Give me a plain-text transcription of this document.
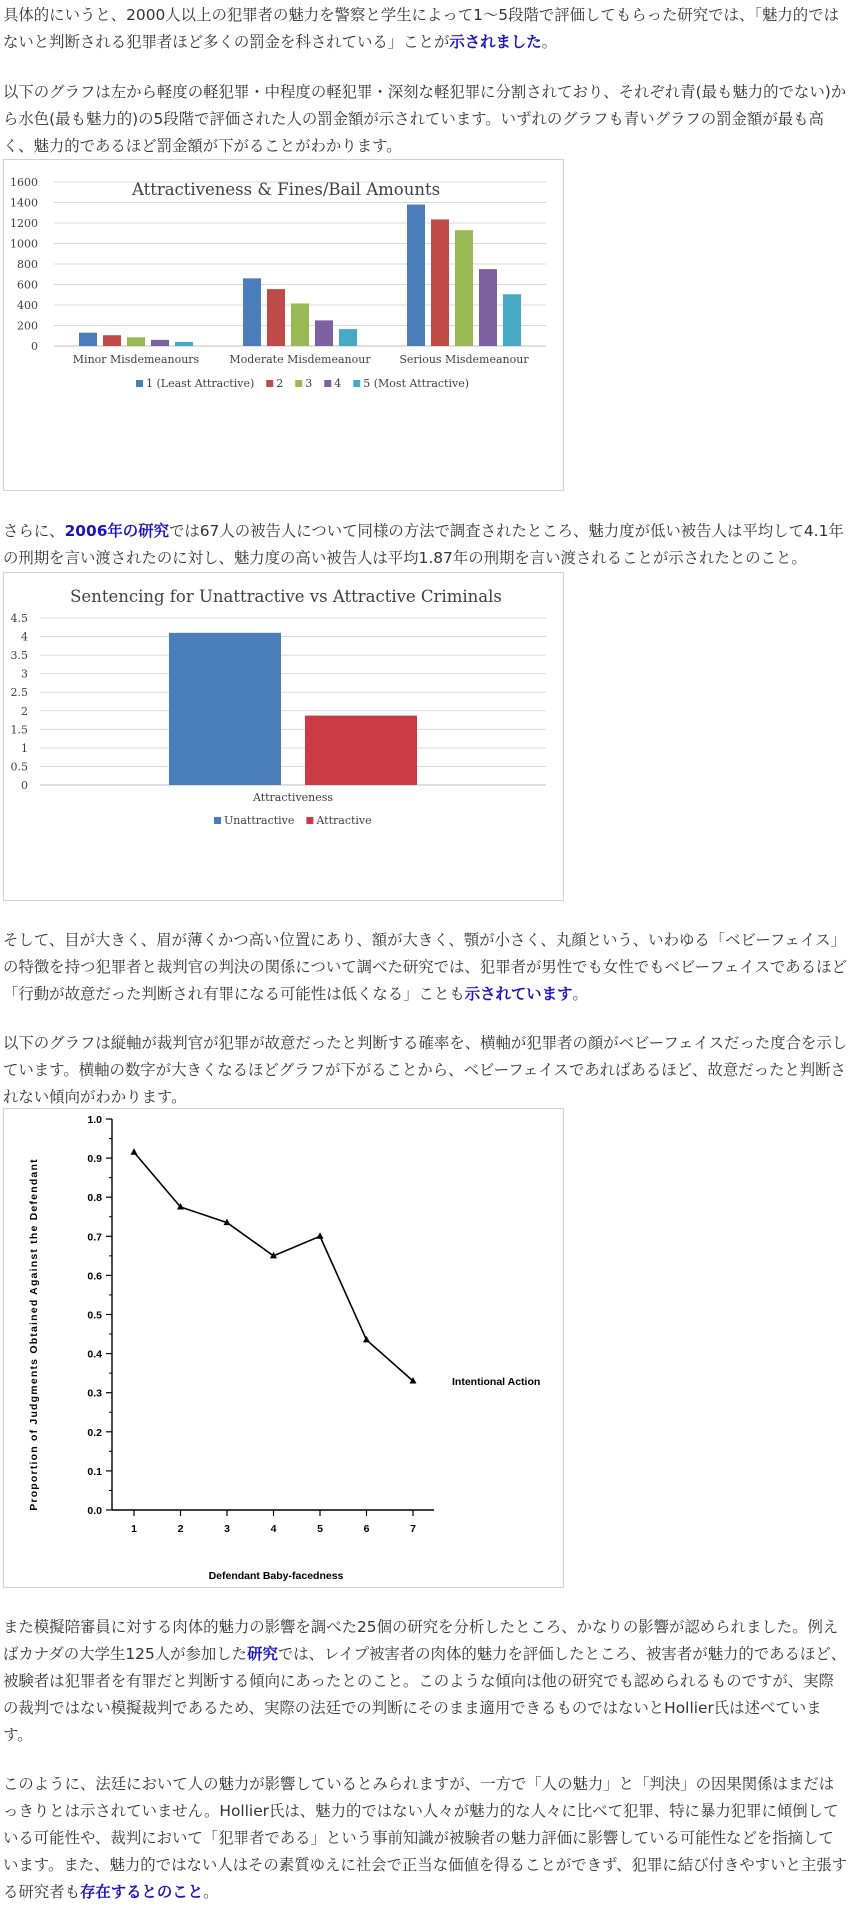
具体的にいうと、2000人以上の犯罪者の魅力を警察と学生によって1〜5段階で評価してもらった研究では、「魅力的ではないと判断される犯罪者ほど多くの罰金を科されている」ことが示されました。

以下のグラフは左から軽度の軽犯罪・中程度の軽犯罪・深刻な軽犯罪に分割されており、それぞれ青(最も魅力的でない)から水色(最も魅力的)の5段階で評価された人の罰金額が示されています。いずれのグラフも青いグラフの罰金額が最も高く、魅力的であるほど罰金額が下がることがわかります。

Attractiveness & Fines/Bail Amounts
0
200
400
600
800
1000
1200
1400
1600
Minor Misdemeanours	Moderate Misdemeanour	Serious Misdemeanour
1 (Least Attractive) 2 3 4 5 (Most Attractive)

さらに、2006年の研究では67人の被告人について同様の方法で調査されたところ、魅力度が低い被告人は平均して4.1年の刑期を言い渡されたのに対し、魅力度の高い被告人は平均1.87年の刑期を言い渡されることが示されたとのこと。

Sentencing for Unattractive vs Attractive Criminals
0
0.5
1
1.5
2
2.5
3
3.5
4
4.5
Attractiveness
Unattractive Attractive

そして、目が大きく、眉が薄くかつ高い位置にあり、額が大きく、顎が小さく、丸顔という、いわゆる「ベビーフェイス」の特徴を持つ犯罪者と裁判官の判決の関係について調べた研究では、犯罪者が男性でも女性でもベビーフェイスであるほど「行動が故意だった判断され有罪になる可能性は低くなる」ことも示されています。

以下のグラフは縦軸が裁判官が犯罪が故意だったと判断する確率を、横軸が犯罪者の顔がベビーフェイスだった度合を示しています。横軸の数字が大きくなるほどグラフが下がることから、ベビーフェイスであればあるほど、故意だったと判断されない傾向がわかります。

0.0
0.1
0.2
0.3
0.4
0.5
0.6
0.7
0.8
0.9
1.0
1	2	3	4	5	6	7
Intentional Action
Defendant Baby-facedness
Proportion of Judgments Obtained Against the Defendant

また模擬陪審員に対する肉体的魅力の影響を調べた25個の研究を分析したところ、かなりの影響が認められました。例えばカナダの大学生125人が参加した研究では、レイプ被害者の肉体的魅力を評価したところ、被害者が魅力的であるほど、被験者は犯罪者を有罪だと判断する傾向にあったとのこと。このような傾向は他の研究でも認められるものですが、実際の裁判ではない模擬裁判であるため、実際の法廷での判断にそのまま適用できるものではないとHollier氏は述べています。

このように、法廷において人の魅力が影響しているとみられますが、一方で「人の魅力」と「判決」の因果関係はまだはっきりとは示されていません。Hollier氏は、魅力的ではない人々が魅力的な人々に比べて犯罪、特に暴力犯罪に傾倒している可能性や、裁判において「犯罪者である」という事前知識が被験者の魅力評価に影響している可能性などを指摘しています。また、魅力的ではない人はその素質ゆえに社会で正当な価値を得ることができず、犯罪に結び付きやすいと主張する研究者も存在するとのこと。
